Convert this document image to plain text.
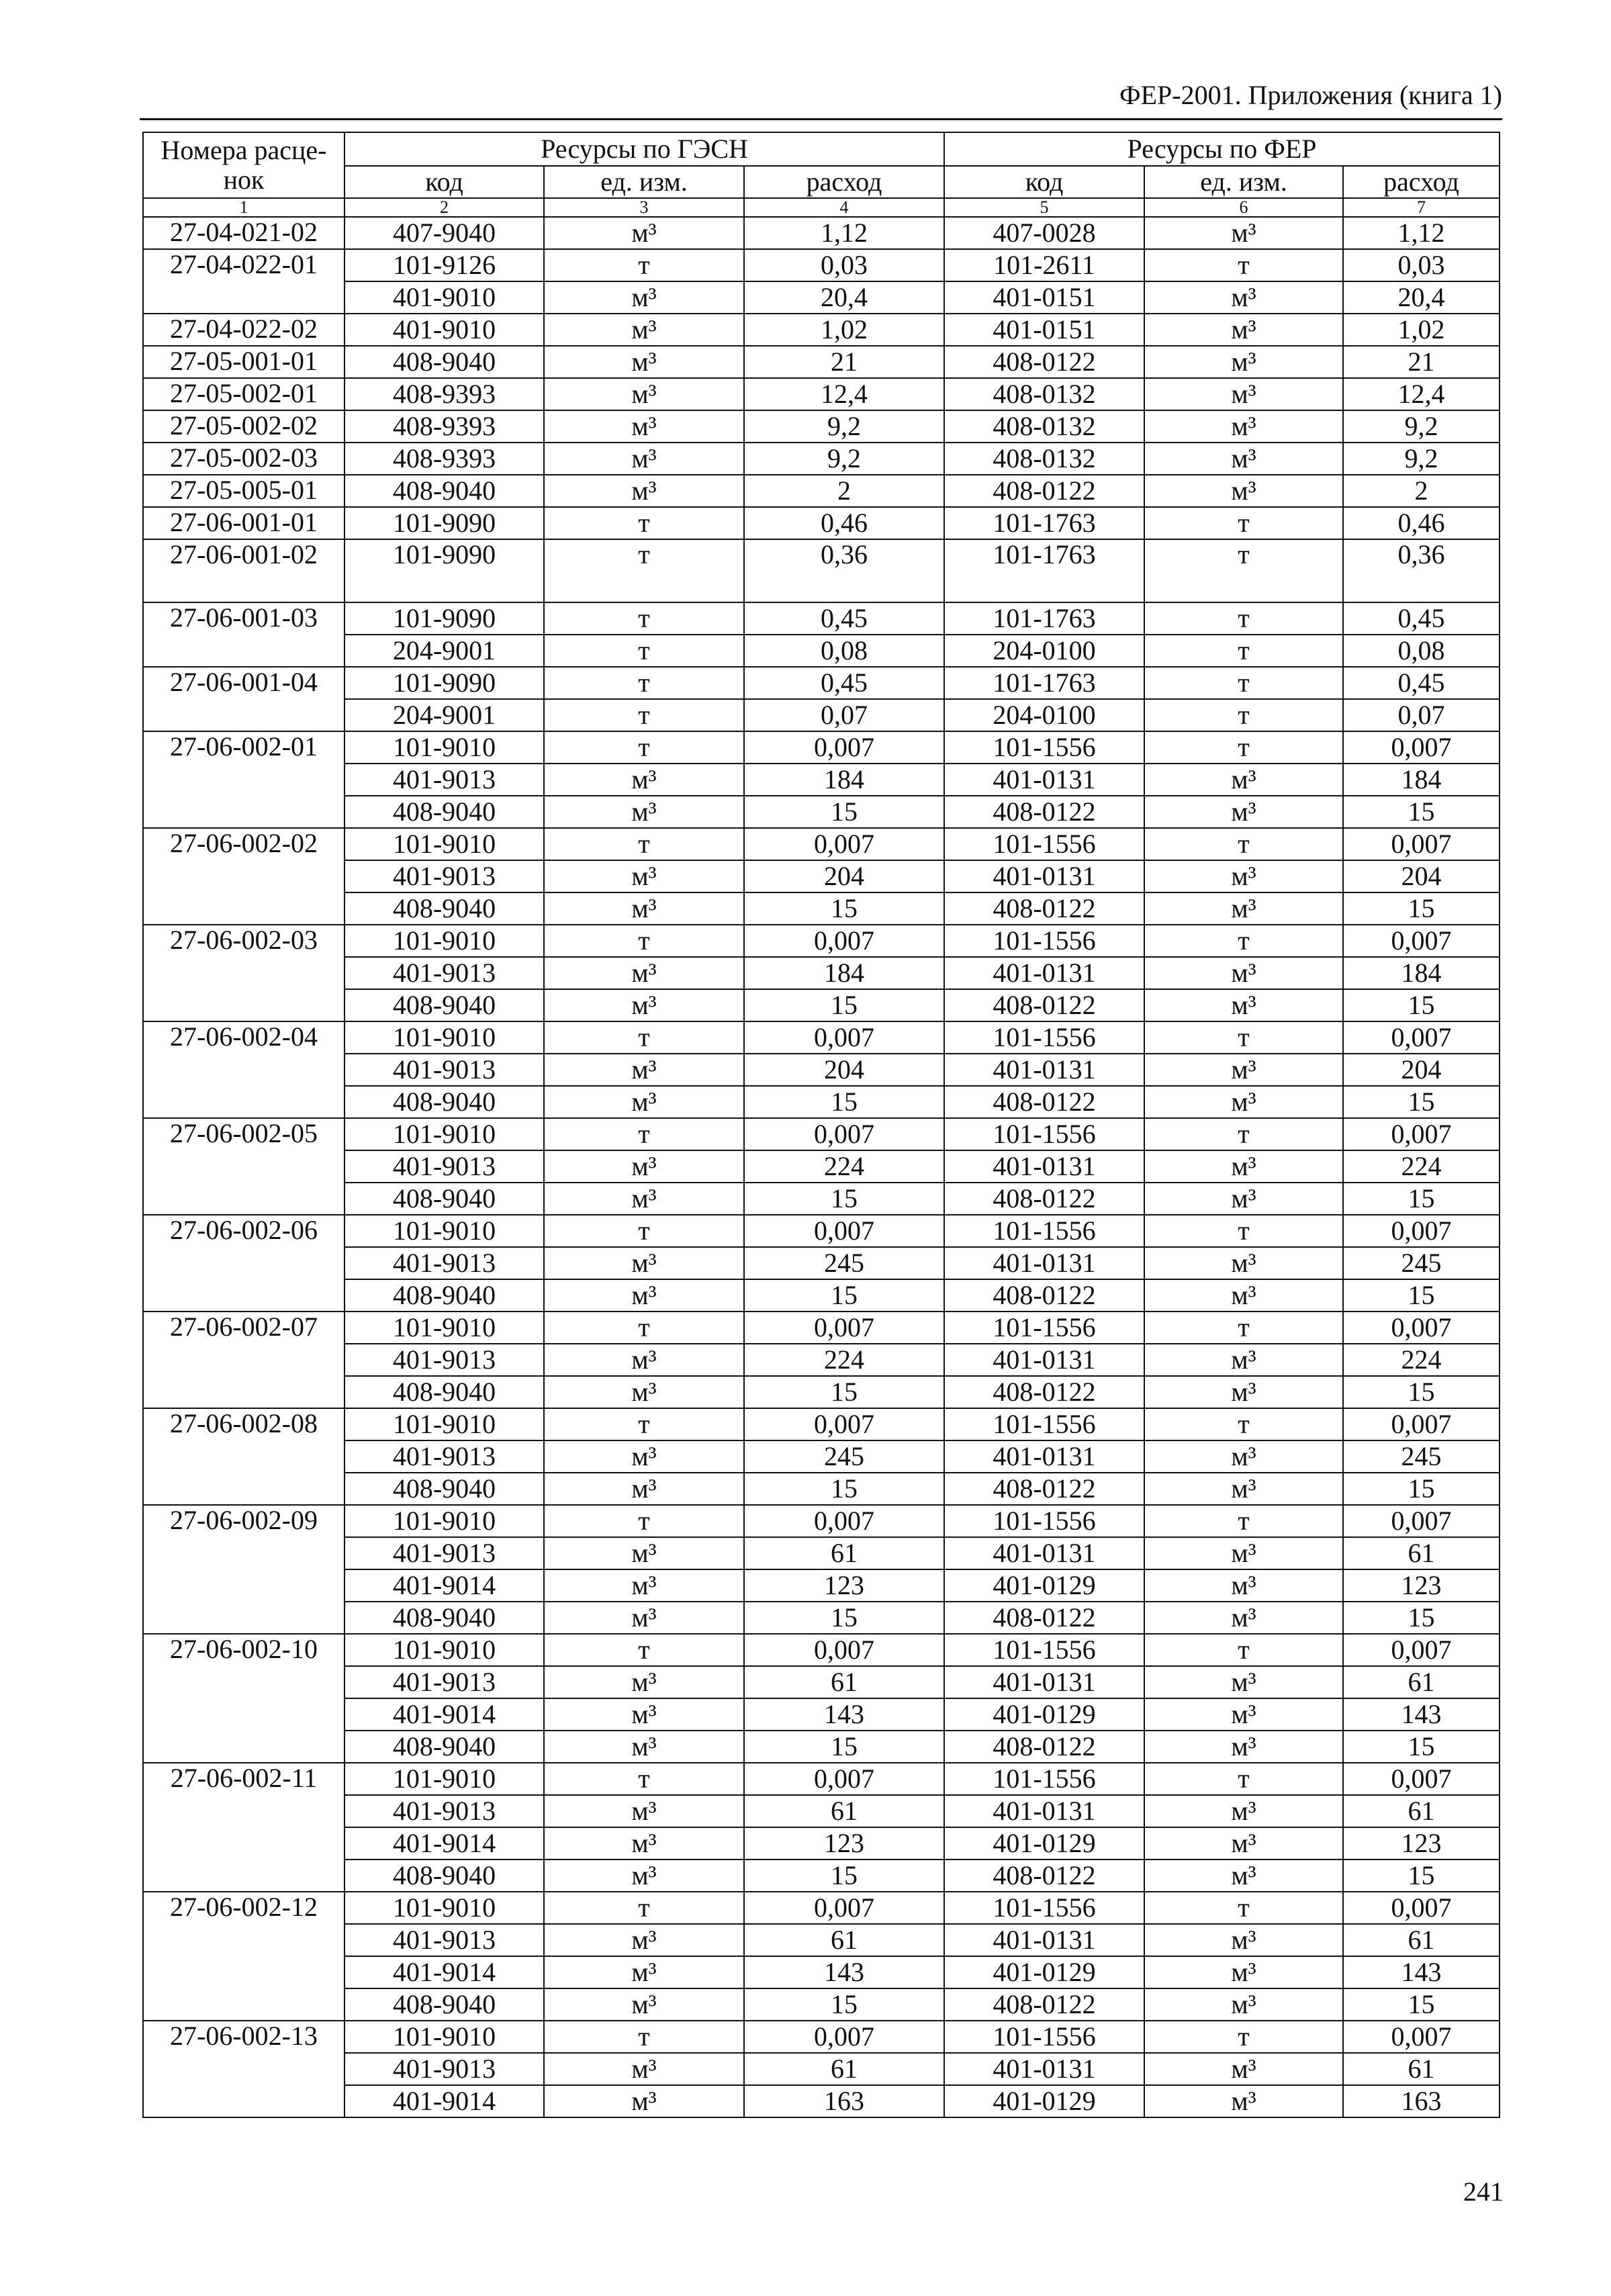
ФЕР-2001. Приложения (книга 1)
Номера расце-
нок	Ресурсы по ГЭСН			Ресурсы по ФЕР		
	код	ед. изм.	расход	код	ед. изм.	расход
1	2	3	4	5	6	7
27-04-021-02	407-9040	м³	1,12	407-0028	м³	1,12
27-04-022-01	101-9126	т	0,03	101-2611	т	0,03
	401-9010	м³	20,4	401-0151	м³	20,4
27-04-022-02	401-9010	м³	1,02	401-0151	м³	1,02
27-05-001-01	408-9040	м³	21	408-0122	м³	21
27-05-002-01	408-9393	м³	12,4	408-0132	м³	12,4
27-05-002-02	408-9393	м³	9,2	408-0132	м³	9,2
27-05-002-03	408-9393	м³	9,2	408-0132	м³	9,2
27-05-005-01	408-9040	м³	2	408-0122	м³	2
27-06-001-01	101-9090	т	0,46	101-1763	т	0,46
27-06-001-02	101-9090	т	0,36	101-1763	т	0,36
27-06-001-03	101-9090	т	0,45	101-1763	т	0,45
	204-9001	т	0,08	204-0100	т	0,08
27-06-001-04	101-9090	т	0,45	101-1763	т	0,45
	204-9001	т	0,07	204-0100	т	0,07
27-06-002-01	101-9010	т	0,007	101-1556	т	0,007
	401-9013	м³	184	401-0131	м³	184
	408-9040	м³	15	408-0122	м³	15
27-06-002-02	101-9010	т	0,007	101-1556	т	0,007
	401-9013	м³	204	401-0131	м³	204
	408-9040	м³	15	408-0122	м³	15
27-06-002-03	101-9010	т	0,007	101-1556	т	0,007
	401-9013	м³	184	401-0131	м³	184
	408-9040	м³	15	408-0122	м³	15
27-06-002-04	101-9010	т	0,007	101-1556	т	0,007
	401-9013	м³	204	401-0131	м³	204
	408-9040	м³	15	408-0122	м³	15
27-06-002-05	101-9010	т	0,007	101-1556	т	0,007
	401-9013	м³	224	401-0131	м³	224
	408-9040	м³	15	408-0122	м³	15
27-06-002-06	101-9010	т	0,007	101-1556	т	0,007
	401-9013	м³	245	401-0131	м³	245
	408-9040	м³	15	408-0122	м³	15
27-06-002-07	101-9010	т	0,007	101-1556	т	0,007
	401-9013	м³	224	401-0131	м³	224
	408-9040	м³	15	408-0122	м³	15
27-06-002-08	101-9010	т	0,007	101-1556	т	0,007
	401-9013	м³	245	401-0131	м³	245
	408-9040	м³	15	408-0122	м³	15
27-06-002-09	101-9010	т	0,007	101-1556	т	0,007
	401-9013	м³	61	401-0131	м³	61
	401-9014	м³	123	401-0129	м³	123
	408-9040	м³	15	408-0122	м³	15
27-06-002-10	101-9010	т	0,007	101-1556	т	0,007
	401-9013	м³	61	401-0131	м³	61
	401-9014	м³	143	401-0129	м³	143
	408-9040	м³	15	408-0122	м³	15
27-06-002-11	101-9010	т	0,007	101-1556	т	0,007
	401-9013	м³	61	401-0131	м³	61
	401-9014	м³	123	401-0129	м³	123
	408-9040	м³	15	408-0122	м³	15
27-06-002-12	101-9010	т	0,007	101-1556	т	0,007
	401-9013	м³	61	401-0131	м³	61
	401-9014	м³	143	401-0129	м³	143
	408-9040	м³	15	408-0122	м³	15
27-06-002-13	101-9010	т	0,007	101-1556	т	0,007
	401-9013	м³	61	401-0131	м³	61
	401-9014	м³	163	401-0129	м³	163
241
